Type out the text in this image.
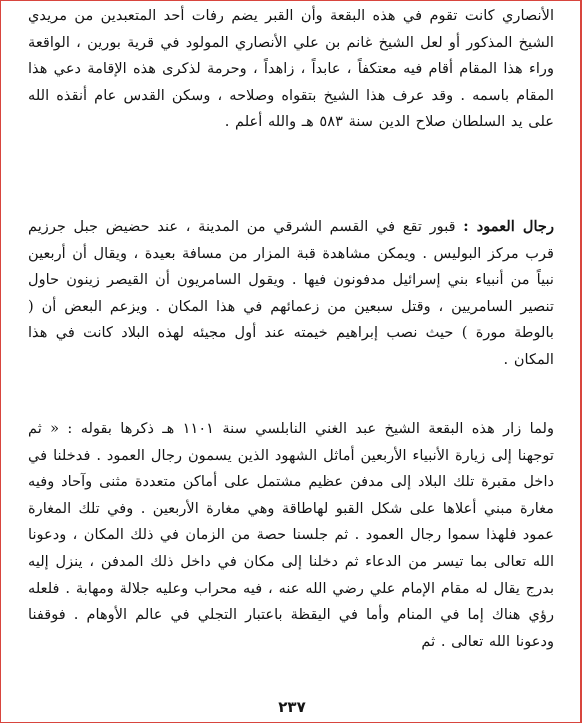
الأنصاري كانت تقوم في هذه البقعة وأن القبر يضم رفات أحد المتعبدين من مريدي الشيخ المذكور أو لعل الشيخ غانم بن علي الأنصاري المولود في قرية بورين ، الواقعة وراء هذا المقام أقام فيه معتكفاً ، عابداً ، زاهداً ، وحرمة لذكرى هذه الإقامة دعي هذا المقام باسمه . وقد عرف هذا الشيخ بتقواه وصلاحه ، وسكن القدس عام أنقذه الله على يد السلطان صلاح الدين سنة ٥٨٣ هـ والله أعلم .
رجال العمود : قبور تقع في القسم الشرقي من المدينة ، عند حضيض جبل جرزيم قرب مركز البوليس . ويمكن مشاهدة قبة المزار من مسافة بعيدة ، ويقال أن أربعين نبياً من أنبياء بني إسرائيل مدفونون فيها . ويقول السامريون أن القيصر زينون حاول تنصير السامريين ، وقتل سبعين من زعمائهم في هذا المكان . ويزعم البعض أن ( بالوطة مورة ) حيث نصب إبراهيم خيمته عند أول مجيئه لهذه البلاد كانت في هذا المكان .
ولما زار هذه البقعة الشيخ عبد الغني النابلسي سنة ١١٠١ هـ ذكرها بقوله : « ثم توجهنا إلى زيارة الأنبياء الأربعين أماثل الشهود الذين يسمون رجال العمود . فدخلنا في داخل مقبرة تلك البلاد إلى مدفن عظيم مشتمل على أماكن متعددة مثنى وآحاد وفيه مغارة مبني أعلاها على شكل القبو لهاطاقة وهي مغارة الأربعين . وفي تلك المغارة عمود فلهذا سموا رجال العمود . ثم جلسنا حصة من الزمان في ذلك المكان ، ودعونا الله تعالى بما تيسر من الدعاء ثم دخلنا إلى مكان في داخل ذلك المدفن ، ينزل إليه بدرج يقال له مقام الإمام علي رضي الله عنه ، فيه محراب وعليه جلالة ومهابة . فلعله رؤي هناك إما في المنام وأما في اليقظة باعتبار التجلي في عالم الأوهام . فوقفنا ودعونا الله تعالى . ثم
٢٣٧
